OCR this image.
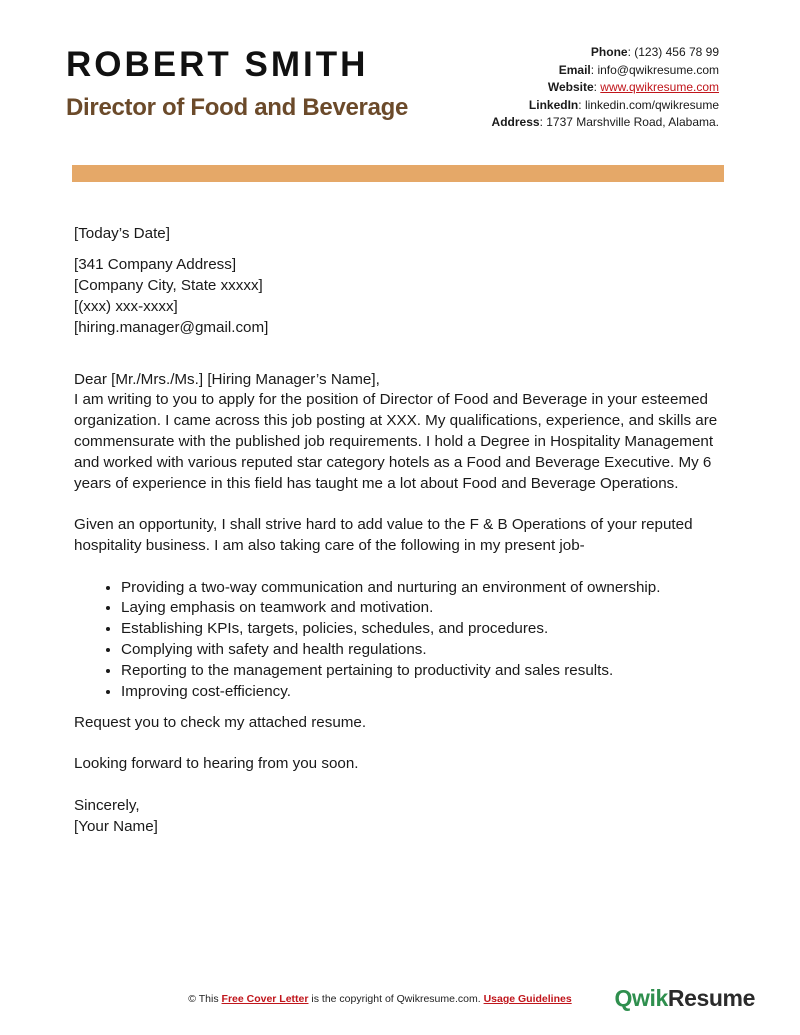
ROBERT SMITH
Director of Food and Beverage
Phone: (123) 456 78 99
Email: info@qwikresume.com
Website: www.qwikresume.com
LinkedIn: linkedin.com/qwikresume
Address: 1737 Marshville Road, Alabama.

[Today’s Date]

[341 Company Address]

[Company City, State xxxxx]

[(xxx) xxx-xxxx]

[hiring.manager@gmail.com]

Dear [Mr./Mrs./Ms.] [Hiring Manager’s Name],

I am writing to you to apply for the position of Director of Food and Beverage in your esteemed organization. I came across this job posting at XXX. My qualifications, experience, and skills are commensurate with the published job requirements. I hold a Degree in Hospitality Management and worked with various reputed star category hotels as a Food and Beverage Executive. My 6 years of experience in this field has taught me a lot about Food and Beverage Operations.

Given an opportunity, I shall strive hard to add value to the F & B Operations of your reputed hospitality business. I am also taking care of the following in my present job-

• Providing a two-way communication and nurturing an environment of ownership.
• Laying emphasis on teamwork and motivation.
• Establishing KPIs, targets, policies, schedules, and procedures.
• Complying with safety and health regulations.
• Reporting to the management pertaining to productivity and sales results.
• Improving cost-efficiency.

Request you to check my attached resume.

Looking forward to hearing from you soon.

Sincerely,

[Your Name]

© This Free Cover Letter is the copyright of Qwikresume.com. Usage Guidelines	QwikResume
